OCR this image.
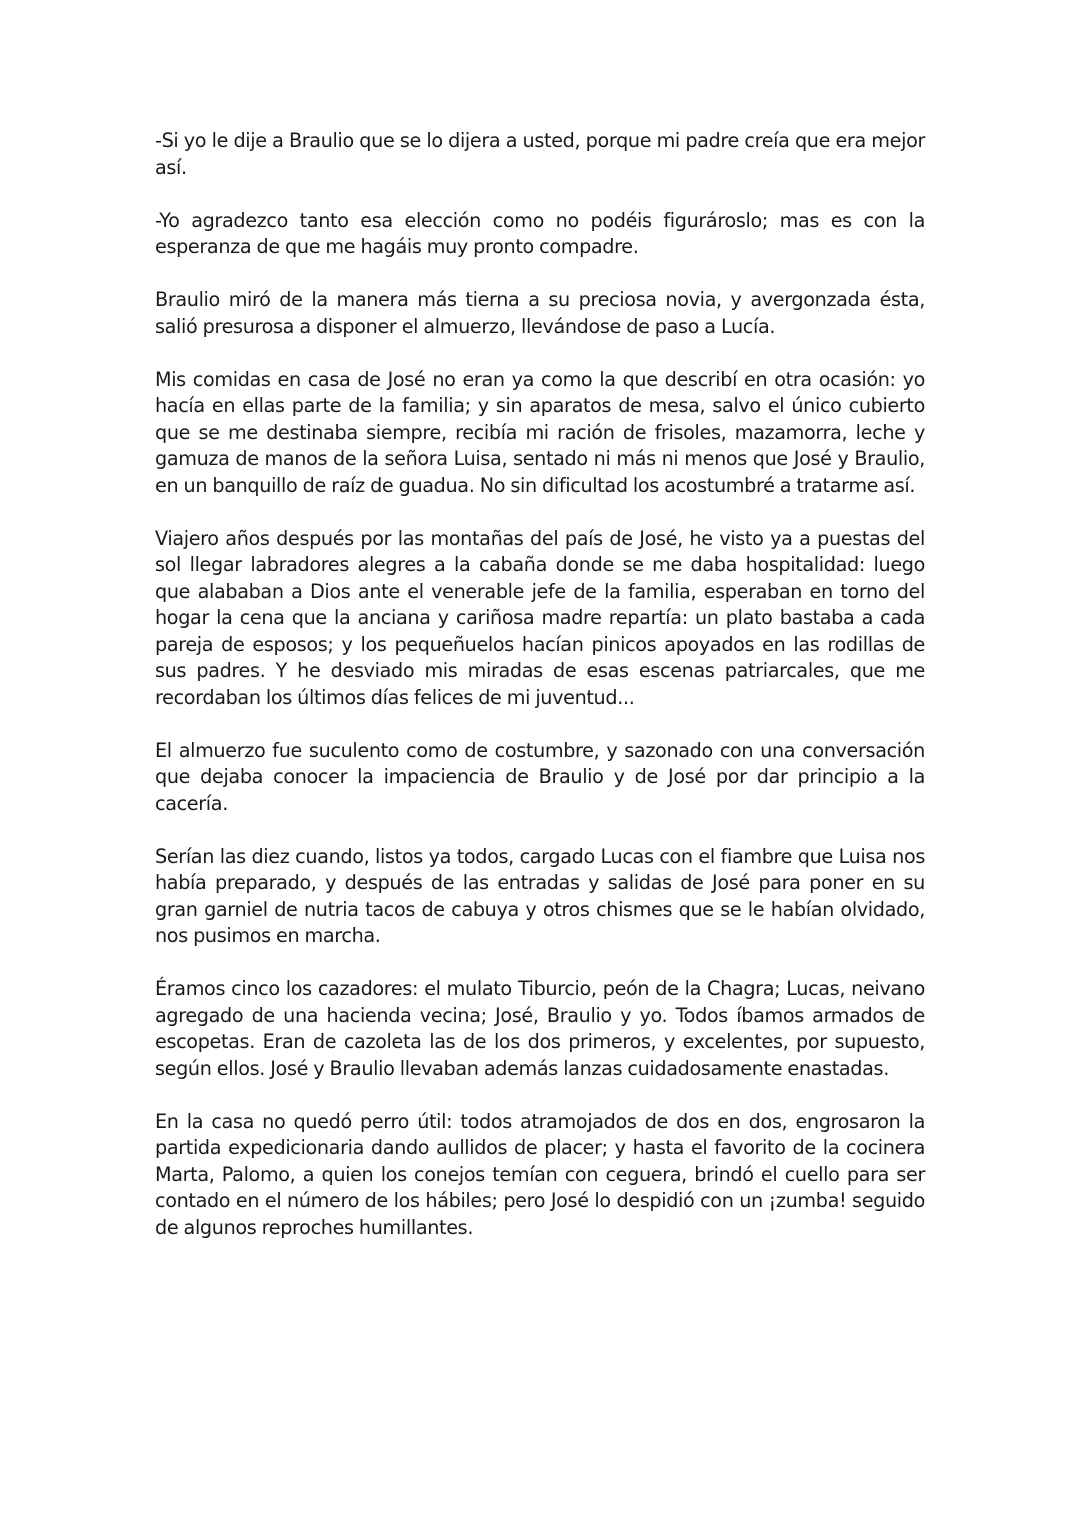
-Si yo le dije a Braulio que se lo dijera a usted, porque mi padre creía que era mejor así.

-Yo agradezco tanto esa elección como no podéis figurároslo; mas es con la esperanza de que me hagáis muy pronto compadre.

Braulio miró de la manera más tierna a su preciosa novia, y avergonzada ésta, salió presurosa a disponer el almuerzo, llevándose de paso a Lucía.

Mis comidas en casa de José no eran ya como la que describí en otra ocasión: yo hacía en ellas parte de la familia; y sin aparatos de mesa, salvo el único cubierto que se me destinaba siempre, recibía mi ración de frisoles, mazamorra, leche y gamuza de manos de la señora Luisa, sentado ni más ni menos que José y Braulio, en un banquillo de raíz de guadua. No sin dificultad los acostumbré a tratarme así.

Viajero años después por las montañas del país de José, he visto ya a puestas del sol llegar labradores alegres a la cabaña donde se me daba hospitalidad: luego que alababan a Dios ante el venerable jefe de la familia, esperaban en torno del hogar la cena que la anciana y cariñosa madre repartía: un plato bastaba a cada pareja de esposos; y los pequeñuelos hacían pinicos apoyados en las rodillas de sus padres. Y he desviado mis miradas de esas escenas patriarcales, que me recordaban los últimos días felices de mi juventud...

El almuerzo fue suculento como de costumbre, y sazonado con una conversación que dejaba conocer la impaciencia de Braulio y de José por dar principio a la cacería.

Serían las diez cuando, listos ya todos, cargado Lucas con el fiambre que Luisa nos había preparado, y después de las entradas y salidas de José para poner en su gran garniel de nutria tacos de cabuya y otros chismes que se le habían olvidado, nos pusimos en marcha.

Éramos cinco los cazadores: el mulato Tiburcio, peón de la Chagra; Lucas, neivano agregado de una hacienda vecina; José, Braulio y yo. Todos íbamos armados de escopetas. Eran de cazoleta las de los dos primeros, y excelentes, por supuesto, según ellos. José y Braulio llevaban además lanzas cuidadosamente enastadas.

En la casa no quedó perro útil: todos atramojados de dos en dos, engrosaron la partida expedicionaria dando aullidos de placer; y hasta el favorito de la cocinera Marta, Palomo, a quien los conejos temían con ceguera, brindó el cuello para ser contado en el número de los hábiles; pero José lo despidió con un ¡zumba! seguido de algunos reproches humillantes.
